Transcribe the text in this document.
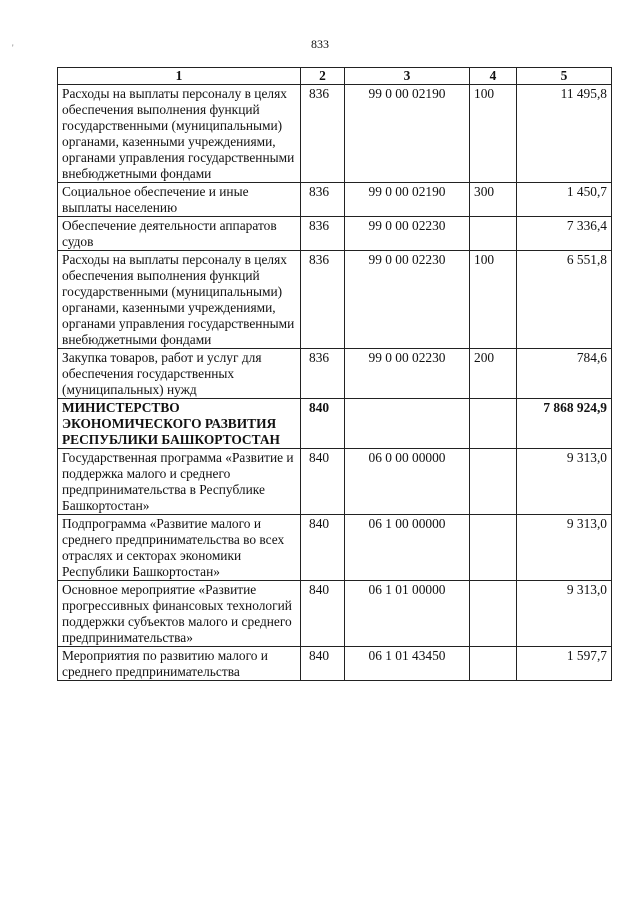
833
'
1	2	3	4	5
Расходы на выплаты персоналу в целях обеспечения выполнения функций государственными (муниципальными) органами, казенными учреждениями, органами управления государственными внебюджетными фондами	836	99 0 00 02190	100	11 495,8
Социальное обеспечение и иные выплаты населению	836	99 0 00 02190	300	1 450,7
Обеспечение деятельности аппаратов судов	836	99 0 00 02230		7 336,4
Расходы на выплаты персоналу в целях обеспечения выполнения функций государственными (муниципальными) органами, казенными учреждениями, органами управления государственными внебюджетными фондами	836	99 0 00 02230	100	6 551,8
Закупка товаров, работ и услуг для обеспечения государственных (муниципальных) нужд	836	99 0 00 02230	200	784,6
МИНИСТЕРСТВО ЭКОНОМИЧЕСКОГО РАЗВИТИЯ РЕСПУБЛИКИ БАШКОРТОСТАН	840			7 868 924,9
Государственная программа «Развитие и поддержка малого и среднего предпринимательства в Республике Башкортостан»	840	06 0 00 00000		9 313,0
Подпрограмма «Развитие малого и среднего предпринимательства во всех отраслях и секторах экономики Республики Башкортостан»	840	06 1 00 00000		9 313,0
Основное мероприятие «Развитие прогрессивных финансовых технологий поддержки субъектов малого и среднего предпринимательства»	840	06 1 01 00000		9 313,0
Мероприятия по развитию малого и среднего предпринимательства	840	06 1 01 43450		1 597,7
